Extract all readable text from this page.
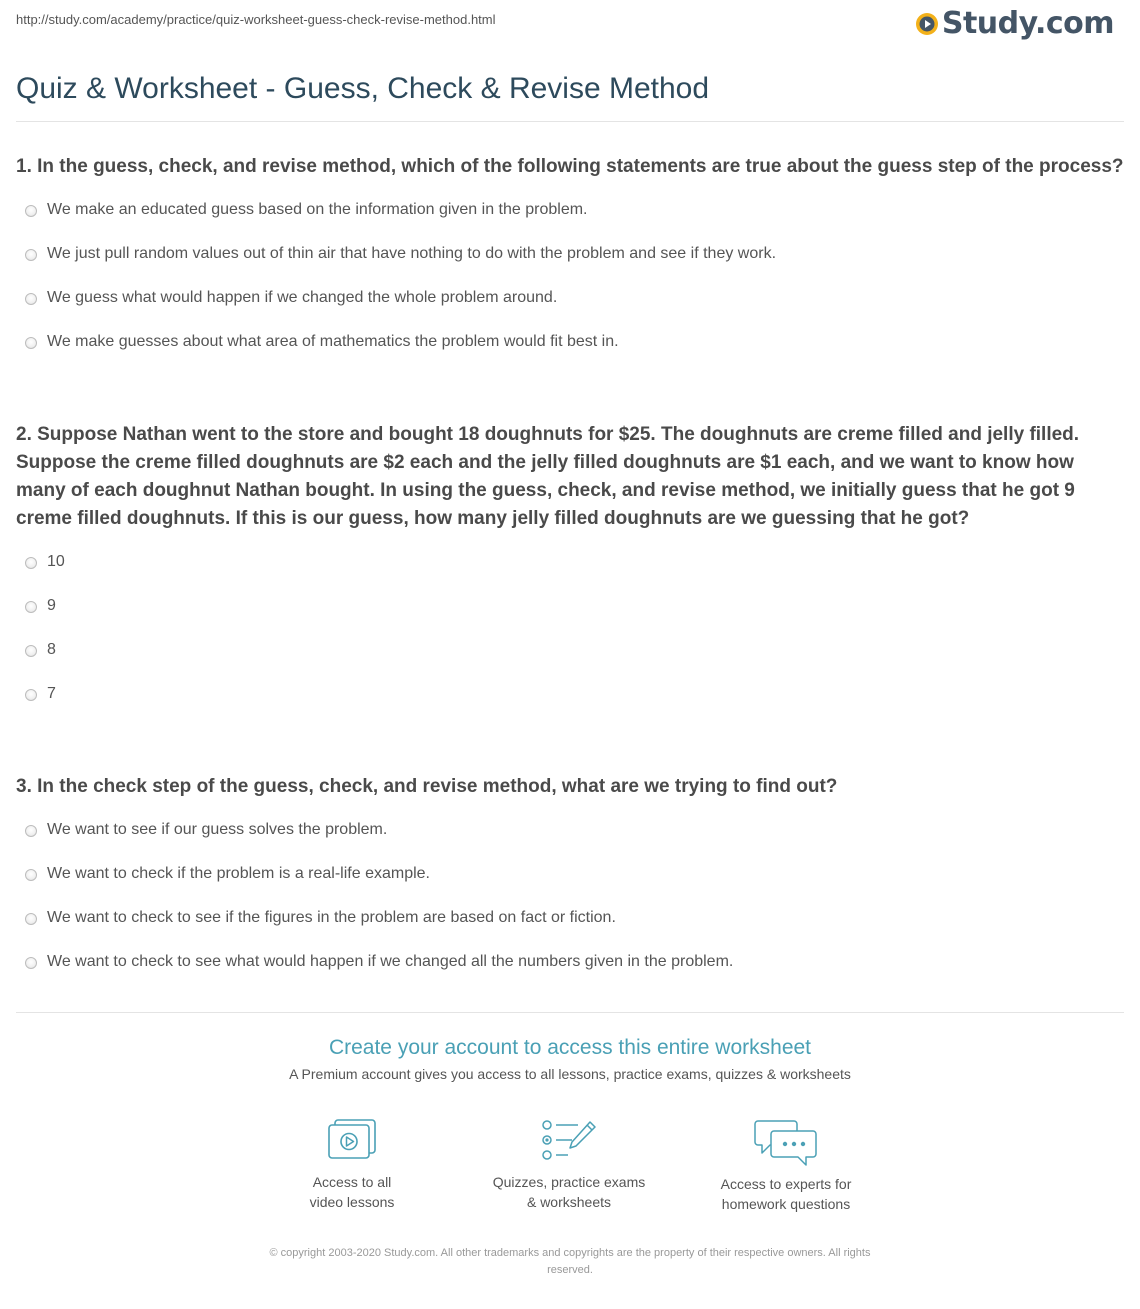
http://study.com/academy/practice/quiz-worksheet-guess-check-revise-method.html	Study.com
Quiz & Worksheet - Guess, Check & Revise Method
1. In the guess, check, and revise method, which of the following statements are true about the guess step of the process?
We make an educated guess based on the information given in the problem.
We just pull random values out of thin air that have nothing to do with the problem and see if they work.
We guess what would happen if we changed the whole problem around.
We make guesses about what area of mathematics the problem would fit best in.
2. Suppose Nathan went to the store and bought 18 doughnuts for $25. The doughnuts are creme filled and jelly filled. Suppose the creme filled doughnuts are $2 each and the jelly filled doughnuts are $1 each, and we want to know how many of each doughnut Nathan bought. In using the guess, check, and revise method, we initially guess that he got 9 creme filled doughnuts. If this is our guess, how many jelly filled doughnuts are we guessing that he got?
10
9
8
7
3. In the check step of the guess, check, and revise method, what are we trying to find out?
We want to see if our guess solves the problem.
We want to check if the problem is a real-life example.
We want to check to see if the figures in the problem are based on fact or fiction.
We want to check to see what would happen if we changed all the numbers given in the problem.
Create your account to access this entire worksheet
A Premium account gives you access to all lessons, practice exams, quizzes & worksheets
Access to all
video lessons
Quizzes, practice exams
& worksheets
Access to experts for
homework questions
© copyright 2003-2020 Study.com. All other trademarks and copyrights are the property of their respective owners. All rights
reserved.
